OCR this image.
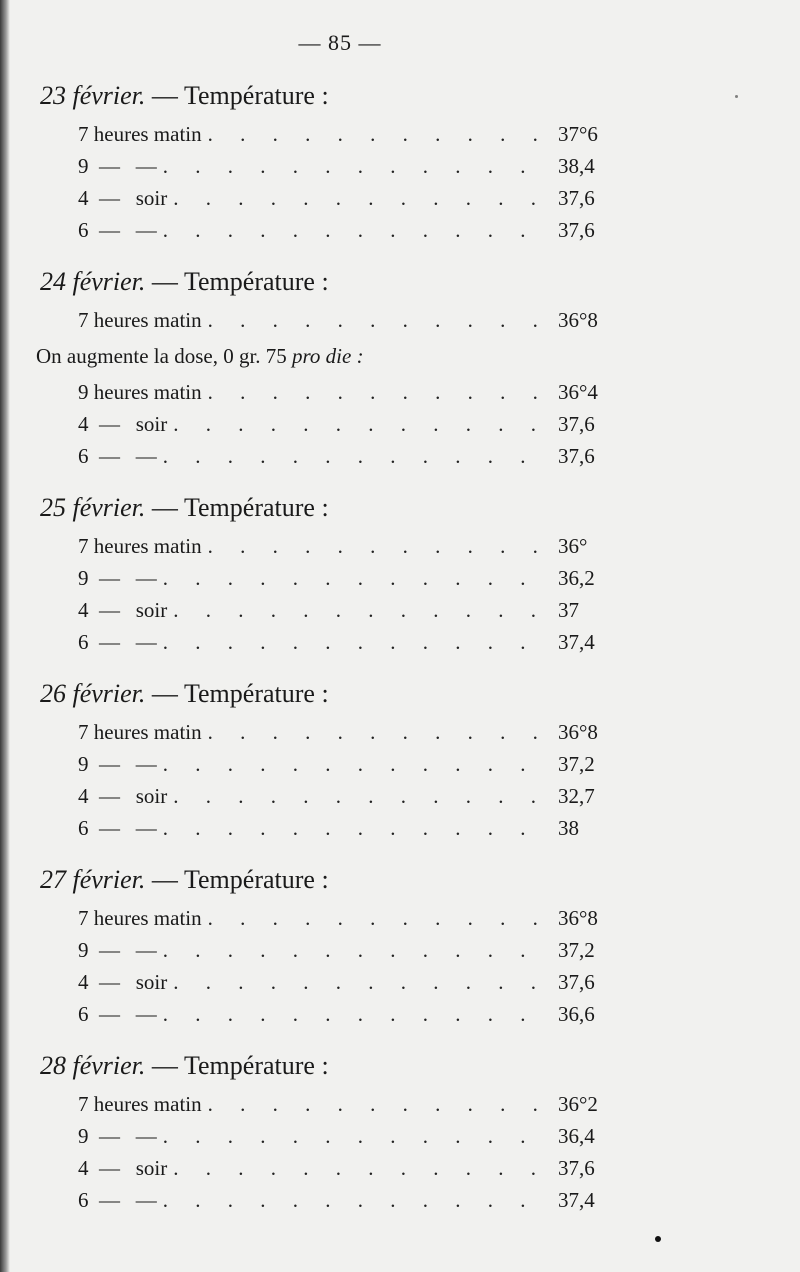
— 85 —
23 février. — Température :
7 heures matin . . .	37°6
9  —   — . . .	38,4
4  —   soir . . .	37,6
6  —   — . . .	37,6
24 février. — Température :
7 heures matin . . .	36°8
On augmente la dose, 0 gr. 75 pro die :
9 heures matin . . .	36°4
4  —   soir . . .	37,6
6  —   — . . .	37,6
25 février. — Température :
7 heures matin . . .	36°
9  —   — . . .	36,2
4  —   soir . . .	37
6  —   — . . .	37,4
26 février. — Température :
7 heures matin . . .	36°8
9  —   — . . .	37,2
4  —   soir . . .	32,7
6  —   — . . .	38
27 février. — Température :
7 heures matin . . .	36°8
9  —   — . . .	37,2
4  —   soir . . .	37,6
6  —   — . . .	36,6
28 février. — Température :
7 heures matin . . .	36°2
9  —   — . . .	36,4
4  —   soir . . .	37,6
6  —   — . . .	37,4
